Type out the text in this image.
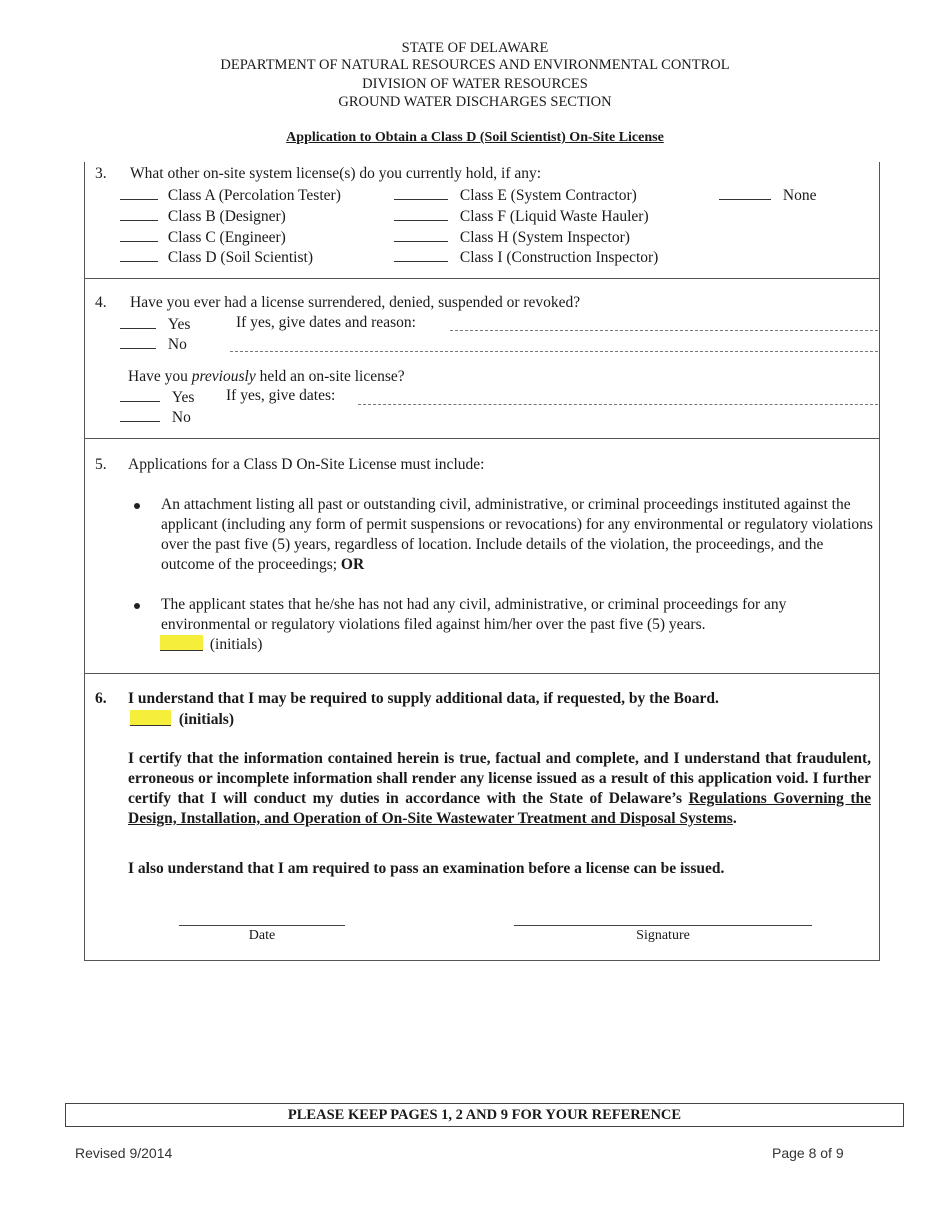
STATE OF DELAWARE
DEPARTMENT OF NATURAL RESOURCES AND ENVIRONMENTAL CONTROL
DIVISION OF WATER RESOURCES
GROUND WATER DISCHARGES SECTION
Application to Obtain a Class D (Soil Scientist) On-Site License
3. What other on-site system license(s) do you currently hold, if any:
Class A (Percolation Tester)
Class B (Designer)
Class C (Engineer)
Class D (Soil Scientist)
Class E (System Contractor)
Class F (Liquid Waste Hauler)
Class H (System Inspector)
Class I (Construction Inspector)
None
4. Have you ever had a license surrendered, denied, suspended or revoked?
Yes	If yes, give dates and reason:
No
Have you previously held an on-site license?
Yes If yes, give dates:
No
5. Applications for a Class D On-Site License must include:
An attachment listing all past or outstanding civil, administrative, or criminal proceedings instituted against the applicant (including any form of permit suspensions or revocations) for any environmental or regulatory violations over the past five (5) years, regardless of location. Include details of the violation, the proceedings, and the outcome of the proceedings; OR
The applicant states that he/she has not had any civil, administrative, or criminal proceedings for any environmental or regulatory violations filed against him/her over the past five (5) years.
(initials)
6. I understand that I may be required to supply additional data, if requested, by the Board.
(initials)
I certify that the information contained herein is true, factual and complete, and I understand that fraudulent, erroneous or incomplete information shall render any license issued as a result of this application void. I further certify that I will conduct my duties in accordance with the State of Delaware’s Regulations Governing the Design, Installation, and Operation of On-Site Wastewater Treatment and Disposal Systems.
I also understand that I am required to pass an examination before a license can be issued.
Date	Signature
PLEASE KEEP PAGES 1, 2 AND 9 FOR YOUR REFERENCE
Revised 9/2014	Page 8 of 9
